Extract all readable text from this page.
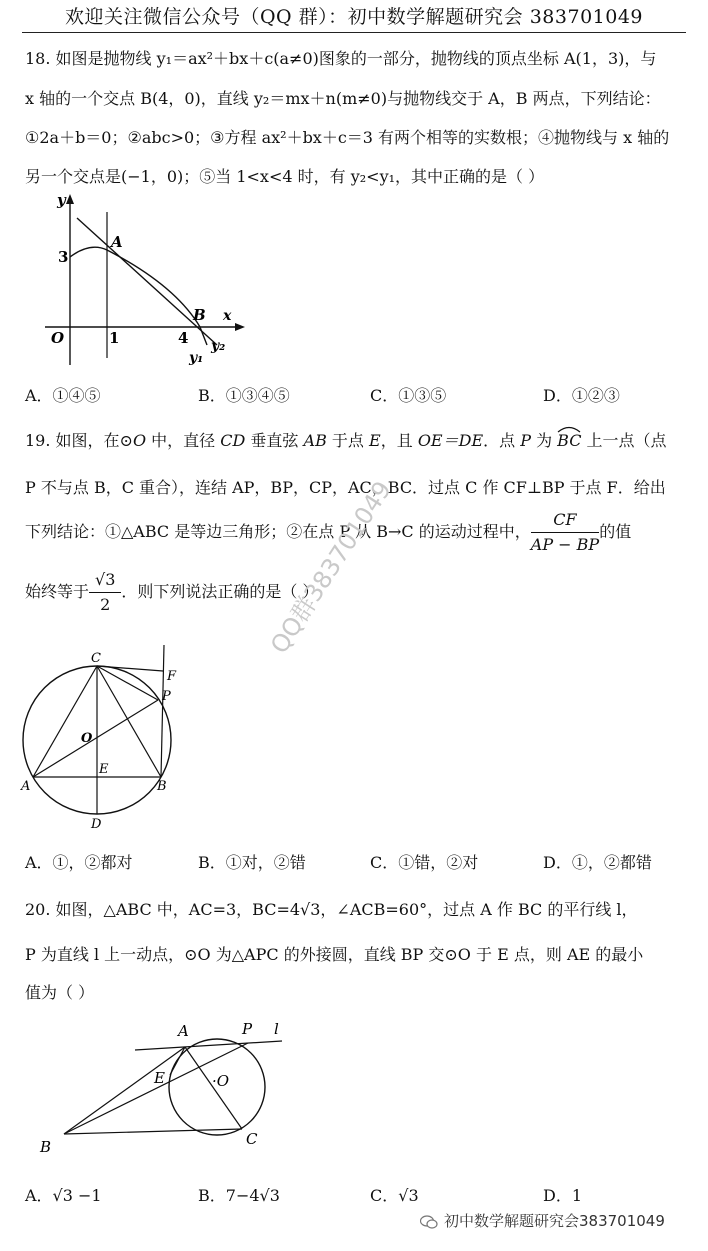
欢迎关注微信公众号（QQ 群）：初中数学解题研究会 383701049
18. 如图是抛物线 y₁＝ax²＋bx＋c(a≠0)图象的一部分，抛物线的顶点坐标 A(1，3)，与
x 轴的一个交点 B(4，0)，直线 y₂＝mx＋n(m≠0)与抛物线交于 A，B 两点，下列结论：
①2a＋b＝0；②abc>0；③方程 ax²＋bx＋c＝3 有两个相等的实数根；④抛物线与 x 轴的
另一个交点是(−1，0)；⑤当 1<x<4 时，有 y₂<y₁，其中正确的是（ ）
y
x
O	1	4
3
A
B
y₁
y₂
A．①④⑤	B．①③④⑤	C．①③⑤	D．①②③
19. 如图，在⊙O 中，直径 CD 垂直弦 AB 于点 E，且 OE＝DE．点 P 为 BC
上一点（点
P 不与点 B，C 重合），连结 AP，BP，CP，AC，BC．过点 C 作 CF⊥BP 于点 F．给出
下列结论：①△ABC 是等边三角形；②在点 P 从 B→C 的运动过程中， $\frac{CF}{AP - BP}$ 的值
始终等于 $\frac{√3}{2}$ ．则下列说法正确的是（ ）
C
F
P
O
E
A	B
D
A．①，②都对	B．①对，②错	C．①错，②对	D．①，②都错
20. 如图，△ABC 中，AC=3，BC=4√3，∠ACB=60°，过点 A 作 BC 的平行线 l，
P 为直线 l 上一动点，⊙O 为△APC 的外接圆，直线 BP 交⊙O 于 E 点，则 AE 的最小
值为（ ）
A	P l
E	·O
B	C
A．√3 −1	B．7−4√3	C．√3	D．1
QQ群383701049
初中数学解题研究会383701049
